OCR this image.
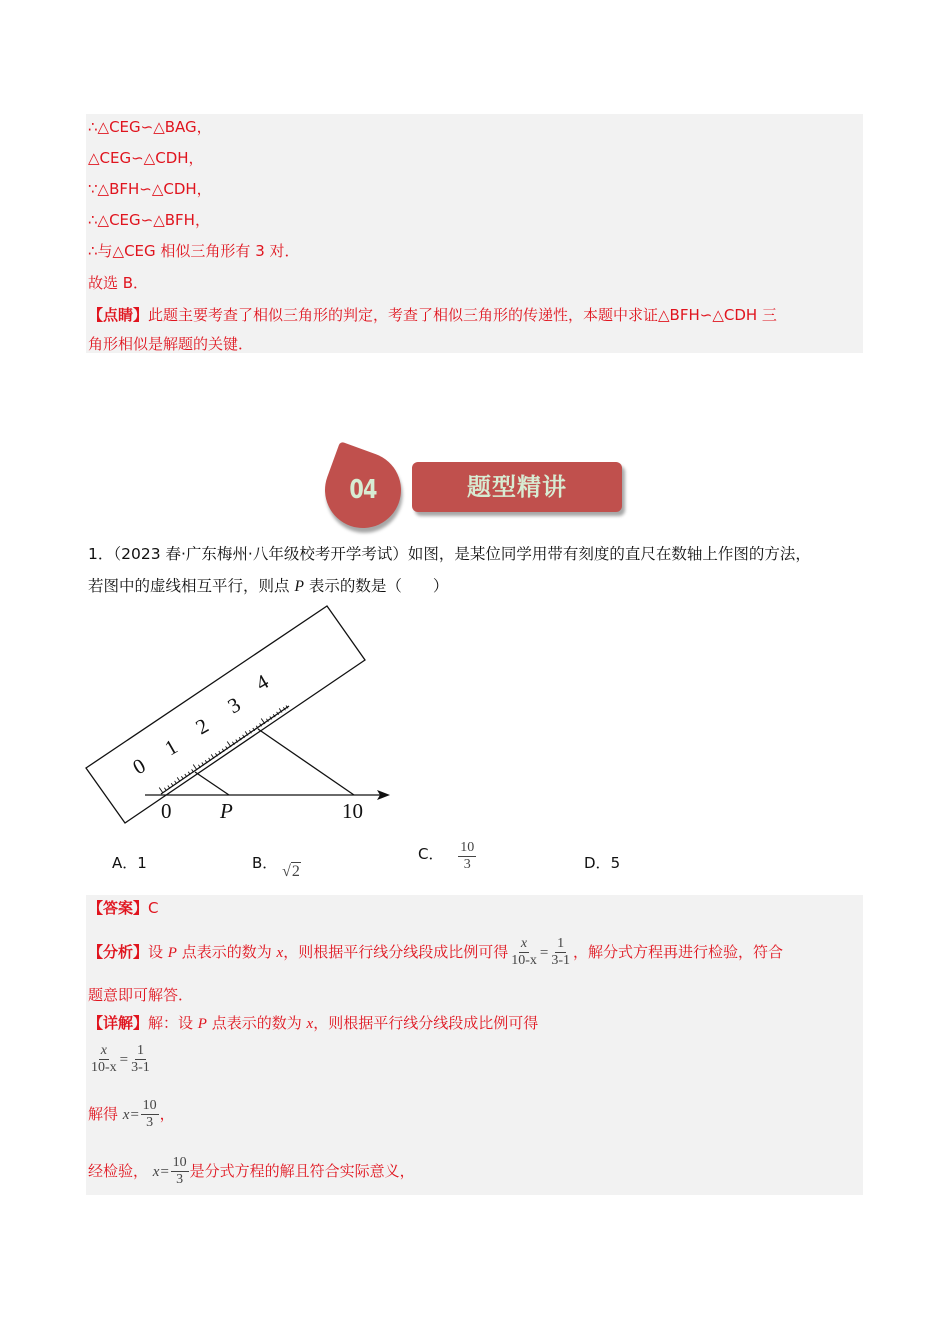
∴△CEG∽△BAG，
△CEG∽△CDH，
∵△BFH∽△CDH，
∴△CEG∽△BFH，
∴与△CEG 相似三角形有 3 对．
故选 B．
【点睛】此题主要考查了相似三角形的判定，考查了相似三角形的传递性，本题中求证△BFH∽△CDH 三
角形相似是解题的关键．
04	题型精讲
1．（2023 春·广东梅州·八年级校考开学考试）如图，是某位同学用带有刻度的直尺在数轴上作图的方法，
若图中的虚线相互平行，则点 P 表示的数是（　　）
0
1
2
3
4
0 P	10
A．1	B． √2
C． $\frac{10}{3}$	D．5
【答案】C
【分析】设 P 点表示的数为 x，则根据平行线分线段成比例可得 $\frac{x}{10-x} = \frac{1}{3-1}$ ，解分式方程再进行检验，符合
题意即可解答．
【详解】解：设 P 点表示的数为 x，则根据平行线分线段成比例可得
$\frac{x}{10-x} = \frac{1}{3-1}$
解得 $x= \frac{10}{3}$ ，
经检验， $x= \frac{10}{3}$ 是分式方程的解且符合实际意义，
